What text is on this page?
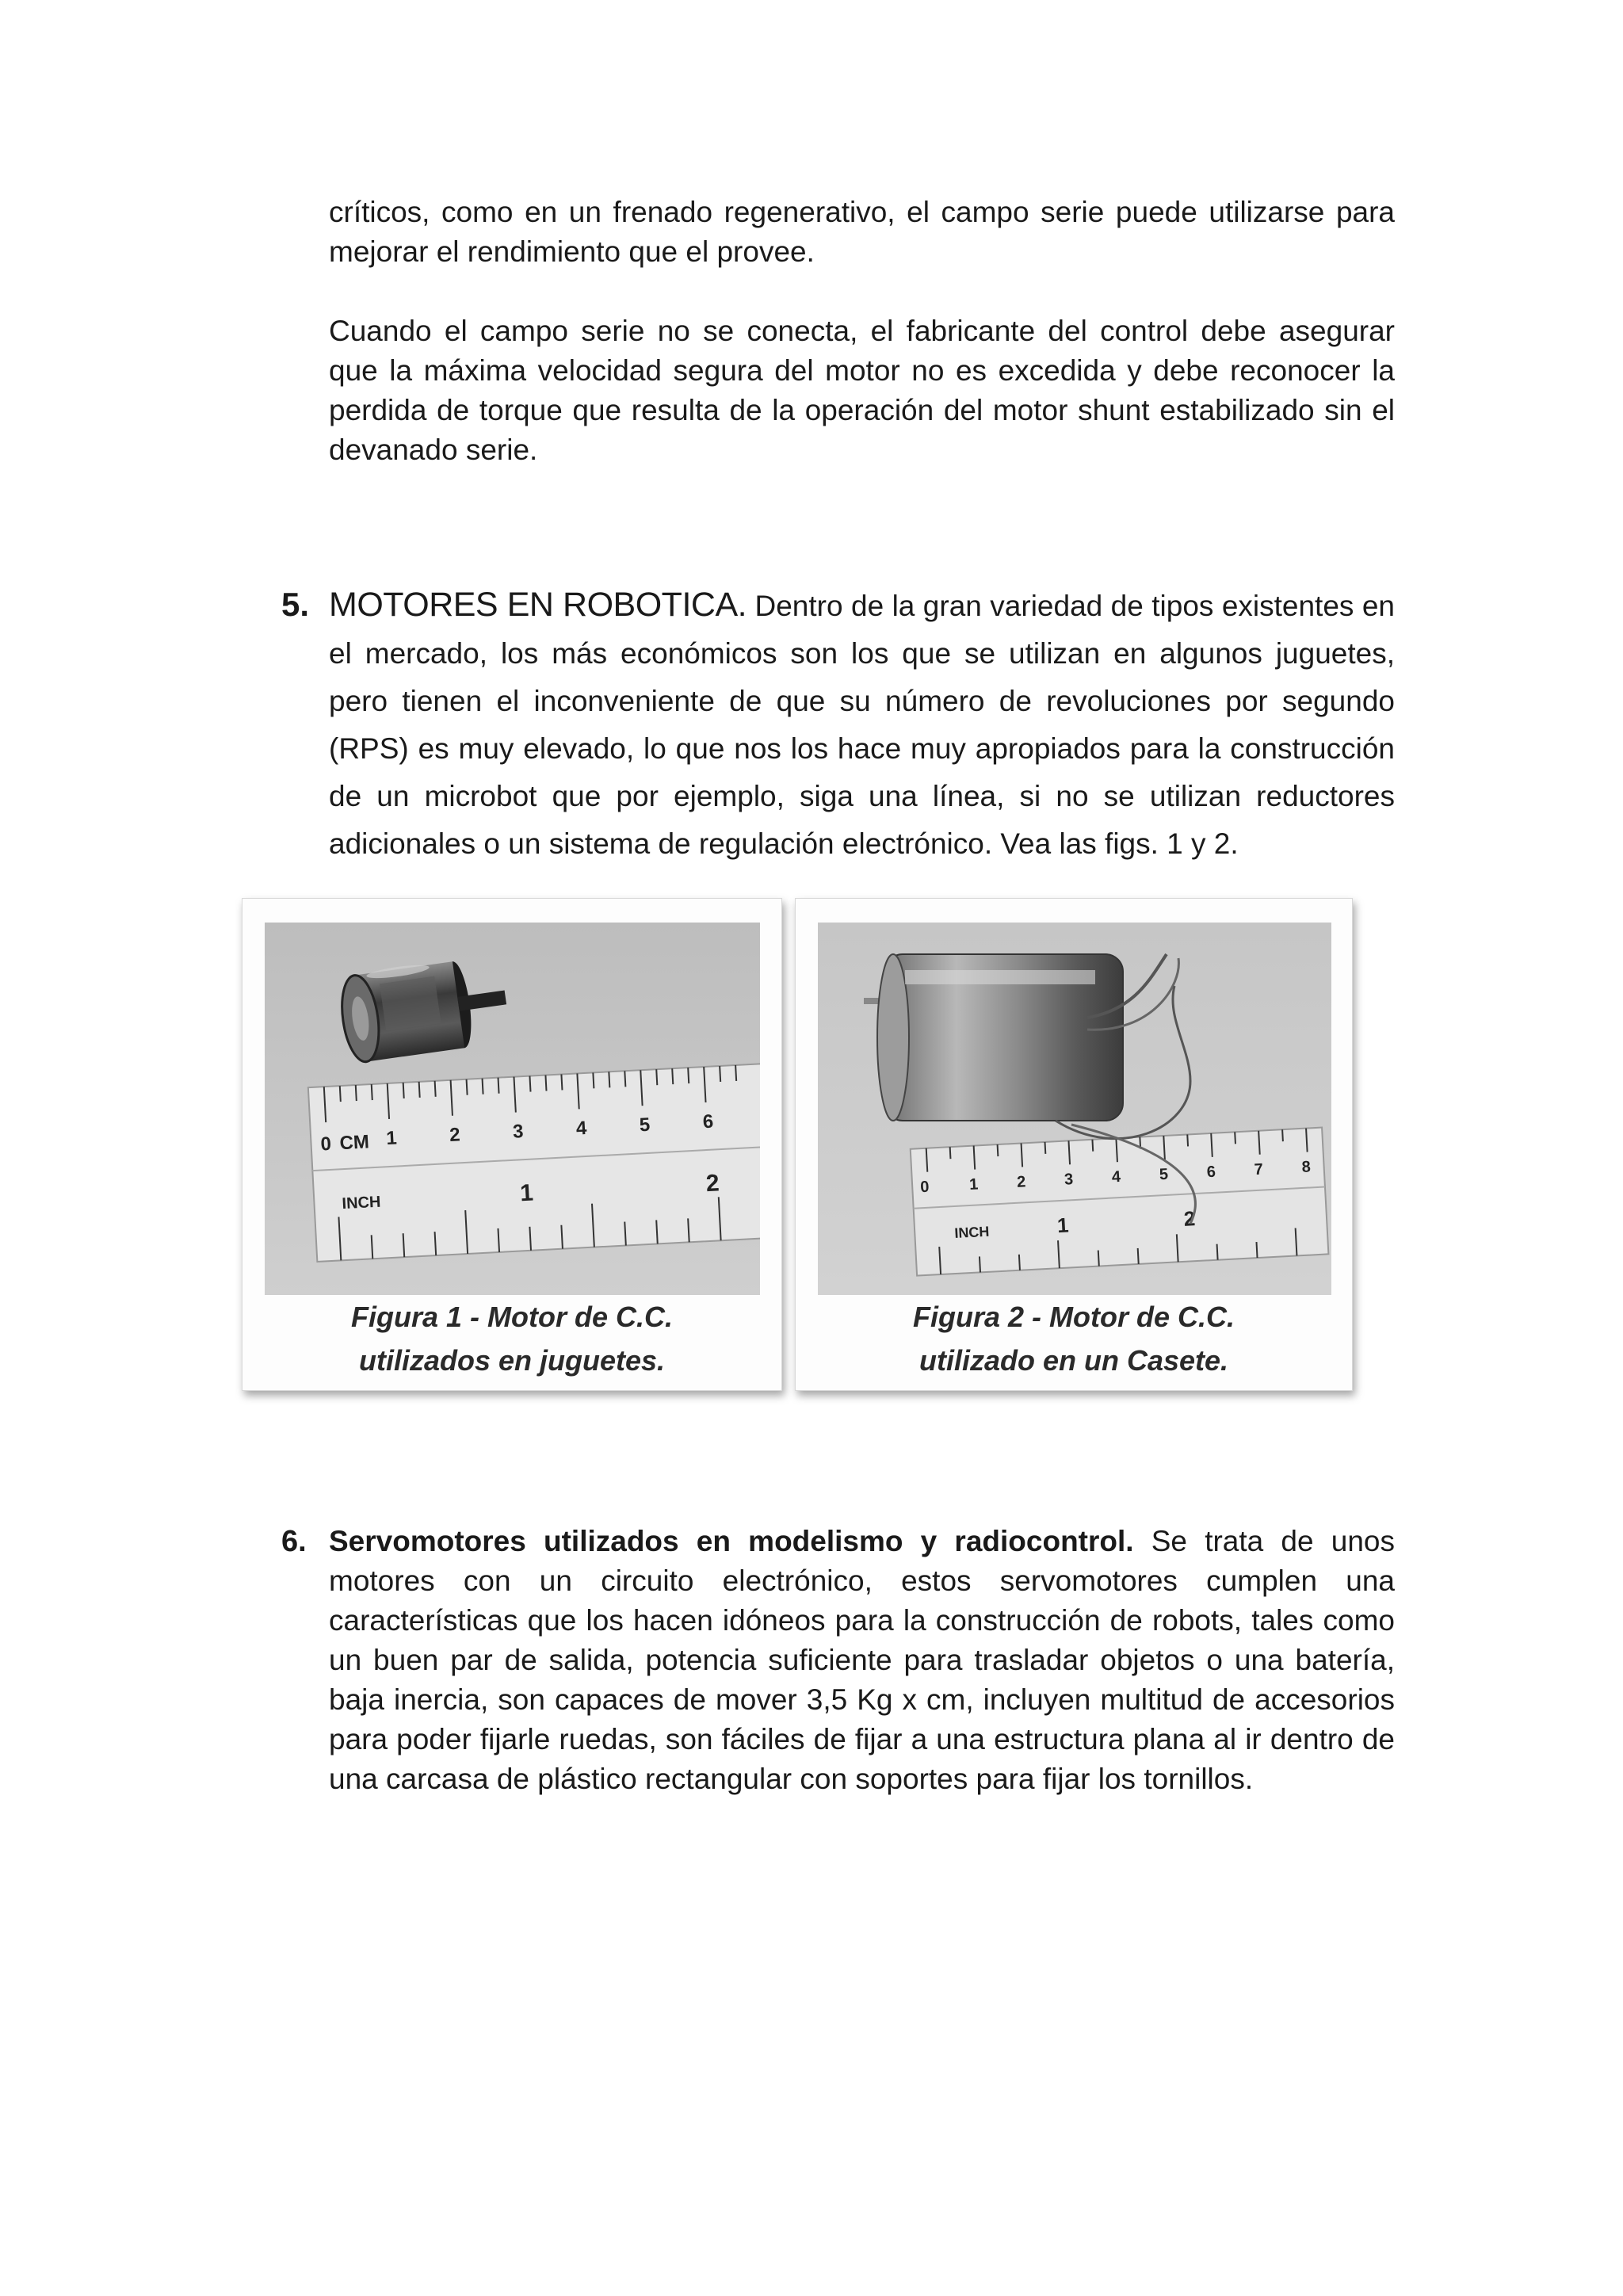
críticos, como en un frenado regenerativo, el campo serie puede utilizarse para mejorar el rendimiento que el provee.

Cuando el campo serie no se conecta, el fabricante del control debe asegurar que la máxima velocidad segura del motor no es excedida y debe reconocer la perdida de torque que resulta de la operación del motor shunt estabilizado sin el devanado serie.

5. MOTORES EN ROBOTICA. Dentro de la gran variedad de tipos existentes en el mercado, los más económicos son los que se utilizan en algunos juguetes, pero tienen el inconveniente de que su número de revoluciones por segundo (RPS) es muy elevado, lo que nos los hace muy apropiados para la construcción de un microbot que por ejemplo, siga una línea, si no se utilizan reductores adicionales o un sistema de regulación electrónico. Vea las figs. 1 y 2.
0 CM 1	2	3	4	5	6
INCH	1	2
Figura 1 - Motor de C.C.
utilizados en juguetes.
0 1 2 3 4 5 6 7 8
INCH	1	2
Figura 2 - Motor de C.C.
utilizado en un Casete.
6. Servomotores utilizados en modelismo y radiocontrol. Se trata de unos motores con un circuito electrónico, estos servomotores cumplen una características que los hacen idóneos para la construcción de robots, tales como un buen par de salida, potencia suficiente para trasladar objetos o una batería, baja inercia, son capaces de mover 3,5 Kg x cm, incluyen multitud de accesorios para poder fijarle ruedas, son fáciles de fijar a una estructura plana al ir dentro de una carcasa de plástico rectangular con soportes para fijar los tornillos.
